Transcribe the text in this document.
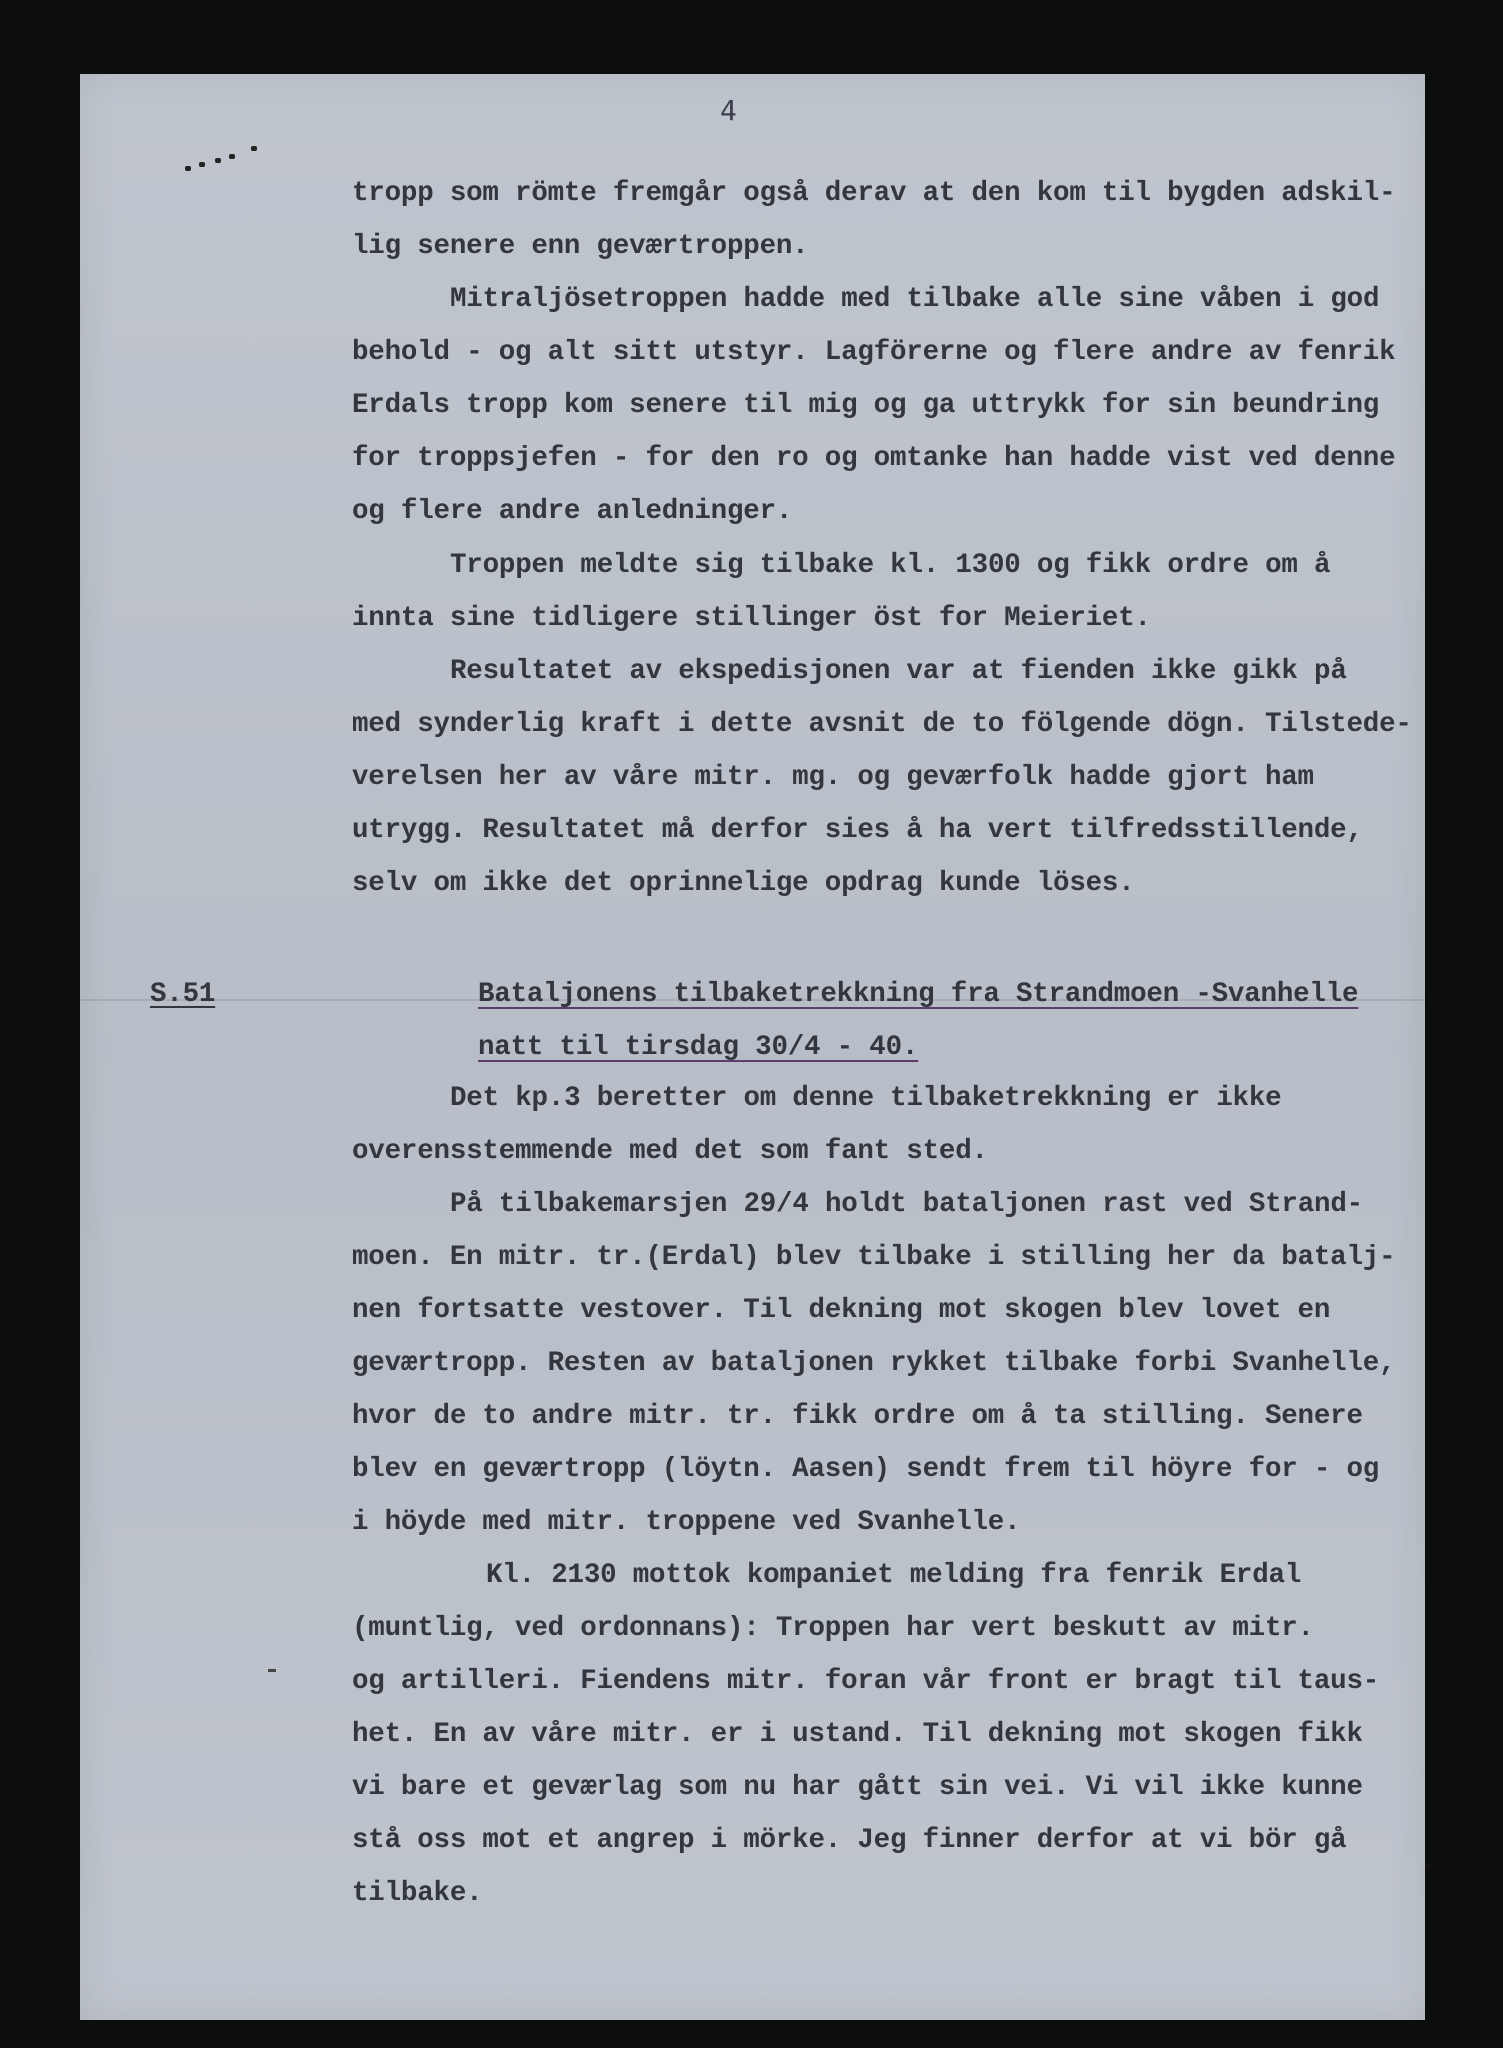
4
tropp som römte fremgår også derav at den kom til bygden adskil-
lig senere enn geværtroppen.
Mitraljösetroppen hadde med tilbake alle sine våben i god
behold - og alt sitt utstyr. Lagförerne og flere andre av fenrik
Erdals tropp kom senere til mig og ga uttrykk for sin beundring
for troppsjefen - for den ro og omtanke han hadde vist ved denne
og flere andre anledninger.
Troppen meldte sig tilbake kl. 1300 og fikk ordre om å
innta sine tidligere stillinger öst for Meieriet.
Resultatet av ekspedisjonen var at fienden ikke gikk på
med synderlig kraft i dette avsnit de to fölgende dögn. Tilstede-
verelsen her av våre mitr. mg. og geværfolk hadde gjort ham
utrygg. Resultatet må derfor sies å ha vert tilfredsstillende,
selv om ikke det oprinnelige opdrag kunde löses.
S.51	Bataljonens tilbaketrekkning fra Strandmoen -Svanhelle
natt til tirsdag 30/4 - 40.
Det kp.3 beretter om denne tilbaketrekkning er ikke
overensstemmende med det som fant sted.
På tilbakemarsjen 29/4 holdt bataljonen rast ved Strand-
moen. En mitr. tr.(Erdal) blev tilbake i stilling her da batalj-
nen fortsatte vestover. Til dekning mot skogen blev lovet en
geværtropp. Resten av bataljonen rykket tilbake forbi Svanhelle,
hvor de to andre mitr. tr. fikk ordre om å ta stilling. Senere
blev en geværtropp (löytn. Aasen) sendt frem til höyre for - og
i höyde med mitr. troppene ved Svanhelle.
Kl. 2130 mottok kompaniet melding fra fenrik Erdal
(muntlig, ved ordonnans): Troppen har vert beskutt av mitr.
og artilleri. Fiendens mitr. foran vår front er bragt til taus-
het. En av våre mitr. er i ustand. Til dekning mot skogen fikk
vi bare et geværlag som nu har gått sin vei. Vi vil ikke kunne
stå oss mot et angrep i mörke. Jeg finner derfor at vi bör gå
tilbake.
